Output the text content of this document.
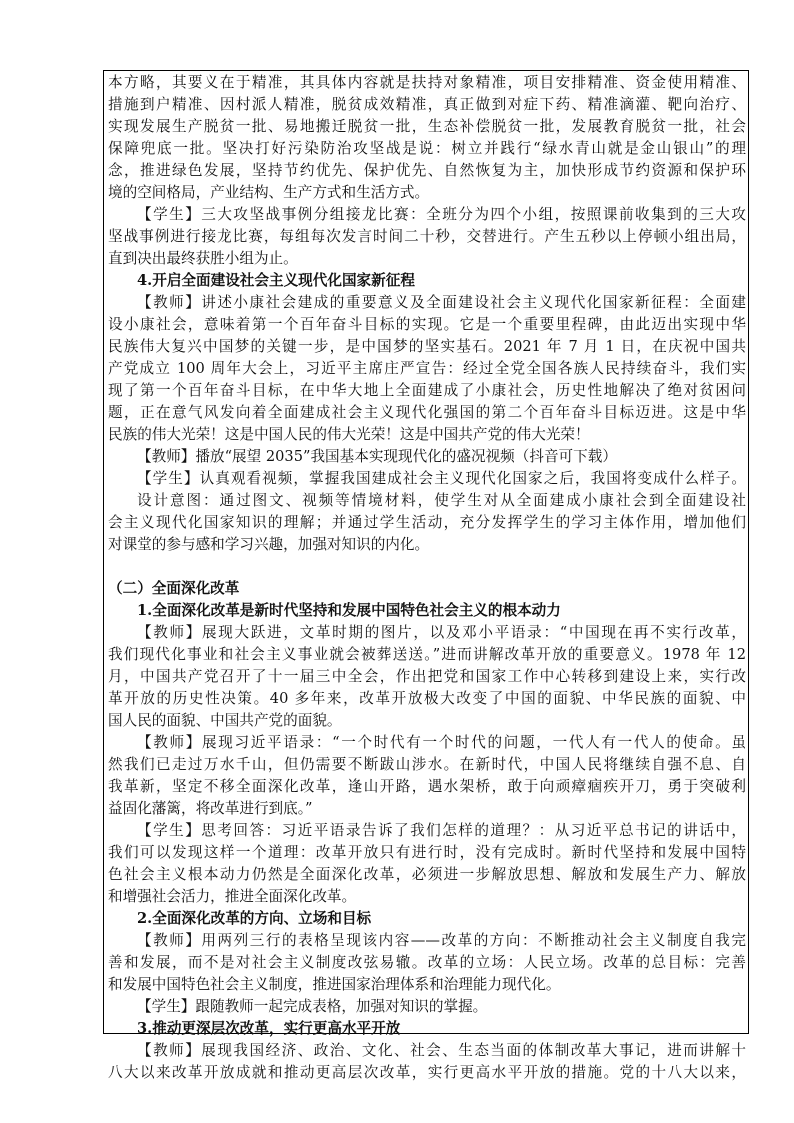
本方略，其要义在于精准，其具体内容就是扶持对象精准，项目安排精准、资金使用精准、
措施到户精准、因村派人精准，脱贫成效精准，真正做到对症下药、精准滴灌、靶向治疗、
实现发展生产脱贫一批、易地搬迁脱贫一批，生态补偿脱贫一批，发展教育脱贫一批，社会
保障兜底一批。坚决打好污染防治攻坚战是说：树立并践行“绿水青山就是金山银山”的理
念，推进绿色发展，坚持节约优先、保护优先、自然恢复为主，加快形成节约资源和保护环
境的空间格局，产业结构、生产方式和生活方式。
【学生】三大攻坚战事例分组接龙比赛：全班分为四个小组，按照课前收集到的三大攻
坚战事例进行接龙比赛，每组每次发言时间二十秒，交替进行。产生五秒以上停顿小组出局，
直到决出最终获胜小组为止。
4.开启全面建设社会主义现代化国家新征程
【教师】讲述小康社会建成的重要意义及全面建设社会主义现代化国家新征程：全面建
设小康社会，意味着第一个百年奋斗目标的实现。它是一个重要里程碑，由此迈出实现中华
民族伟大复兴中国梦的关键一步，是中国梦的坚实基石。2021 年 7 月 1 日，在庆祝中国共
产党成立 100 周年大会上，习近平主席庄严宣告：经过全党全国各族人民持续奋斗，我们实
现了第一个百年奋斗目标，在中华大地上全面建成了小康社会，历史性地解决了绝对贫困问
题，正在意气风发向着全面建成社会主义现代化强国的第二个百年奋斗目标迈进。这是中华
民族的伟大光荣！这是中国人民的伟大光荣！这是中国共产党的伟大光荣！
【教师】播放“展望 2035”我国基本实现现代化的盛况视频（抖音可下载）
【学生】认真观看视频，掌握我国建成社会主义现代化国家之后，我国将变成什么样子。
设计意图：通过图文、视频等情境材料，使学生对从全面建成小康社会到全面建设社
会主义现代化国家知识的理解；并通过学生活动，充分发挥学生的学习主体作用，增加他们
对课堂的参与感和学习兴趣，加强对知识的内化。
（二）全面深化改革
1.全面深化改革是新时代坚持和发展中国特色社会主义的根本动力
【教师】展现大跃进，文革时期的图片，以及邓小平语录：“中国现在再不实行改革，
我们现代化事业和社会主义事业就会被葬送送。”进而讲解改革开放的重要意义。1978 年 12
月，中国共产党召开了十一届三中全会，作出把党和国家工作中心转移到建设上来，实行改
革开放的历史性决策。40 多年来，改革开放极大改变了中国的面貌、中华民族的面貌、中
国人民的面貌、中国共产党的面貌。
【教师】展现习近平语录：“一个时代有一个时代的问题，一代人有一代人的使命。虽
然我们已走过万水千山，但仍需要不断跋山涉水。在新时代，中国人民将继续自强不息、自
我革新，坚定不移全面深化改革，逢山开路，遇水架桥，敢于向顽瘴痼疾开刀，勇于突破利
益固化藩篱，将改革进行到底。”
【学生】思考回答：习近平语录告诉了我们怎样的道理？：从习近平总书记的讲话中，
我们可以发现这样一个道理：改革开放只有进行时，没有完成时。新时代坚持和发展中国特
色社会主义根本动力仍然是全面深化改革，必须进一步解放思想、解放和发展生产力、解放
和增强社会活力，推进全面深化改革。
2.全面深化改革的方向、立场和目标
【教师】用两列三行的表格呈现该内容——改革的方向：不断推动社会主义制度自我完
善和发展，而不是对社会主义制度改弦易辙。改革的立场：人民立场。改革的总目标：完善
和发展中国特色社会主义制度，推进国家治理体系和治理能力现代化。
【学生】跟随教师一起完成表格，加强对知识的掌握。
3.推动更深层次改革，实行更高水平开放
【教师】展现我国经济、政治、文化、社会、生态当面的体制改革大事记，进而讲解十
八大以来改革开放成就和推动更高层次改革，实行更高水平开放的措施。党的十八大以来，
